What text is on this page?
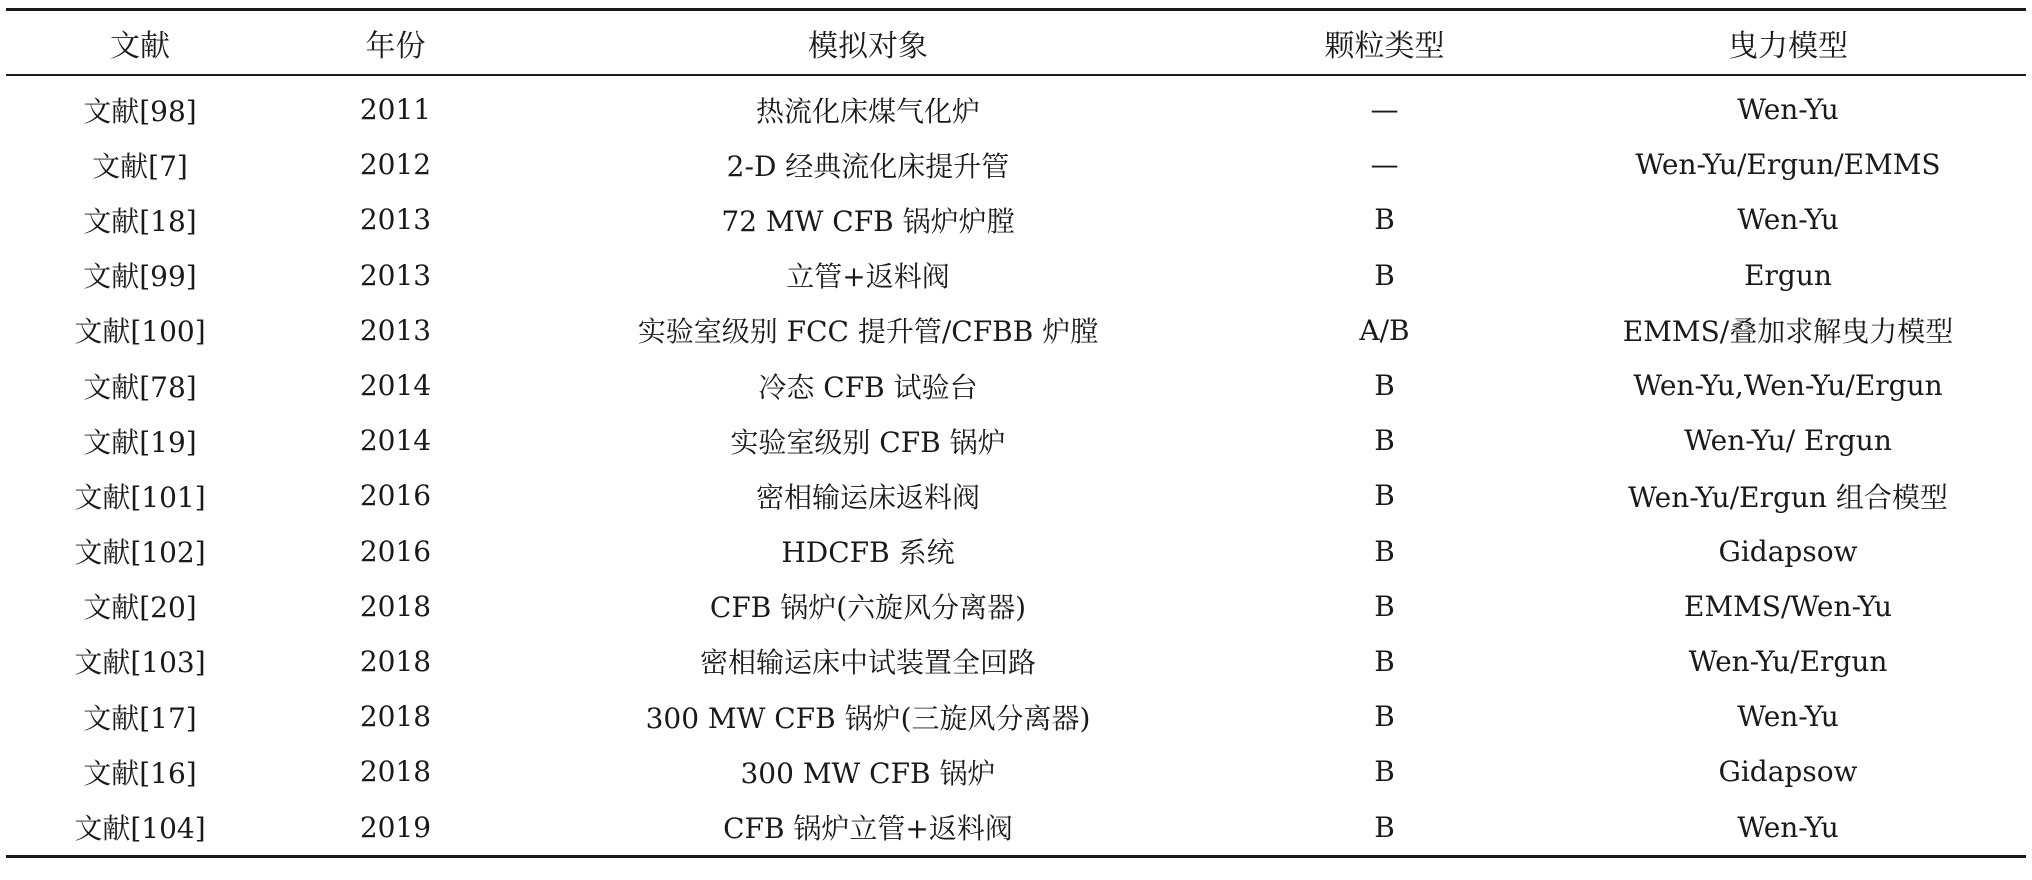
文献	年份	模拟对象	颗粒类型	曳力模型
文献[98]	2011	热流化床煤气化炉	—	Wen-Yu
文献[7]	2012	2-D 经典流化床提升管	—	Wen-Yu/Ergun/EMMS
文献[18]	2013	72 MW CFB 锅炉炉膛	B	Wen-Yu
文献[99]	2013	立管+返料阀	B	Ergun
文献[100]	2013	实验室级别 FCC 提升管/CFBB 炉膛	A/B	EMMS/叠加求解曳力模型
文献[78]	2014	冷态 CFB 试验台	B	Wen-Yu,Wen-Yu/Ergun
文献[19]	2014	实验室级别 CFB 锅炉	B	Wen-Yu/ Ergun
文献[101]	2016	密相输运床返料阀	B	Wen-Yu/Ergun 组合模型
文献[102]	2016	HDCFB 系统	B	Gidapsow
文献[20]	2018	CFB 锅炉(六旋风分离器)	B	EMMS/Wen-Yu
文献[103]	2018	密相输运床中试装置全回路	B	Wen-Yu/Ergun
文献[17]	2018	300 MW CFB 锅炉(三旋风分离器)	B	Wen-Yu
文献[16]	2018	300 MW CFB 锅炉	B	Gidapsow
文献[104]	2019	CFB 锅炉立管+返料阀	B	Wen-Yu
